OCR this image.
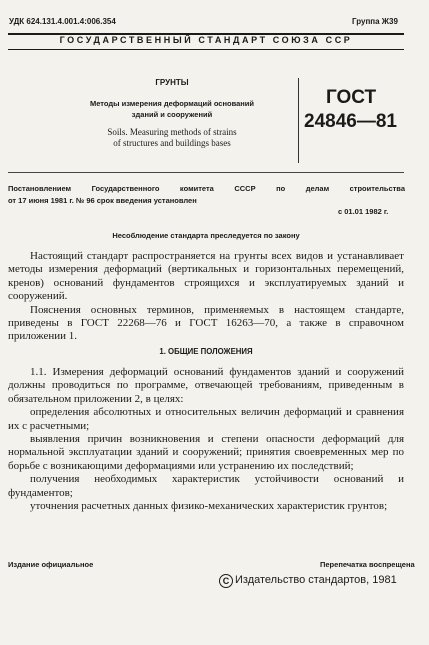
УДК 624.131.4.001.4:006.354	Группа Ж39
ГОСУДАРСТВЕННЫЙ СТАНДАРТ СОЮЗА ССР
ГРУНТЫ
Методы измерения деформаций оснований
зданий и сооружений
Soils. Measuring methods of strains
of structures and buildings bases
ГОСТ
24846—81
Постановлением Государственного комитета СССР по делам строительства
от 17 июня 1981 г. № 96 срок введения установлен
с 01.01 1982 г.
Несоблюдение стандарта преследуется по закону

Настоящий стандарт распространяется на грунты всех видов и устанавливает методы измерения деформаций (вертикальных и горизонтальных перемещений, кренов) оснований фундаментов строящихся и эксплуатируемых зданий и сооружений.

Пояснения основных терминов, применяемых в настоящем стандарте, приведены в ГОСТ 22268—76 и ГОСТ 16263—70, а также в справочном приложении 1.

1. ОБЩИЕ ПОЛОЖЕНИЯ

1.1. Измерения деформаций оснований фундаментов зданий и сооружений должны проводиться по программе, отвечающей требованиям, приведенным в обязательном приложении 2, в целях:

определения абсолютных и относительных величин деформаций и сравнения их с расчетными;

выявления причин возникновения и степени опасности деформаций для нормальной эксплуатации зданий и сооружений; принятия своевременных мер по борьбе с возникающими деформациями или устранению их последствий;

получения необходимых характеристик устойчивости оснований и фундаментов;

уточнения расчетных данных физико-механических характеристик грунтов;

Издание официальное	Перепечатка воспрещена
C Издательство стандартов, 1981
